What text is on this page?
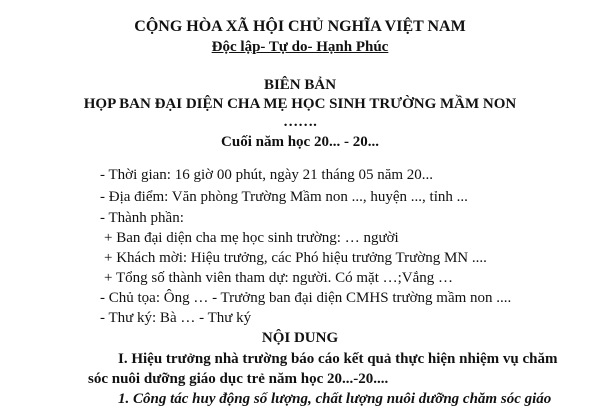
CỘNG HÒA XÃ HỘI CHỦ NGHĨA VIỆT NAM
Độc lập- Tự do- Hạnh Phúc
BIÊN BẢN
HỌP BAN ĐẠI DIỆN CHA MẸ HỌC SINH TRƯỜNG MẦM NON
…….
Cuối năm học 20... - 20...
- Thời gian: 16 giờ 00 phút, ngày 21 tháng 05 năm 20...
- Địa điểm: Văn phòng Trường Mầm non ..., huyện ..., tỉnh ...
- Thành phần:
+ Ban đại diện cha mẹ học sinh trường: … người
+ Khách mời: Hiệu trưởng, các Phó hiệu trưởng Trường MN ....
+ Tổng số thành viên tham dự: người. Có mặt …;Vắng …
- Chủ tọa: Ông … - Trưởng ban đại diện CMHS trường mầm non ....
- Thư ký: Bà … - Thư ký
NỘI DUNG
I. Hiệu trưởng nhà trường báo cáo kết quả thực hiện nhiệm vụ chăm
sóc nuôi dưỡng giáo dục trẻ năm học 20...-20....
1. Công tác huy động số lượng, chất lượng nuôi dưỡng chăm sóc giáo
